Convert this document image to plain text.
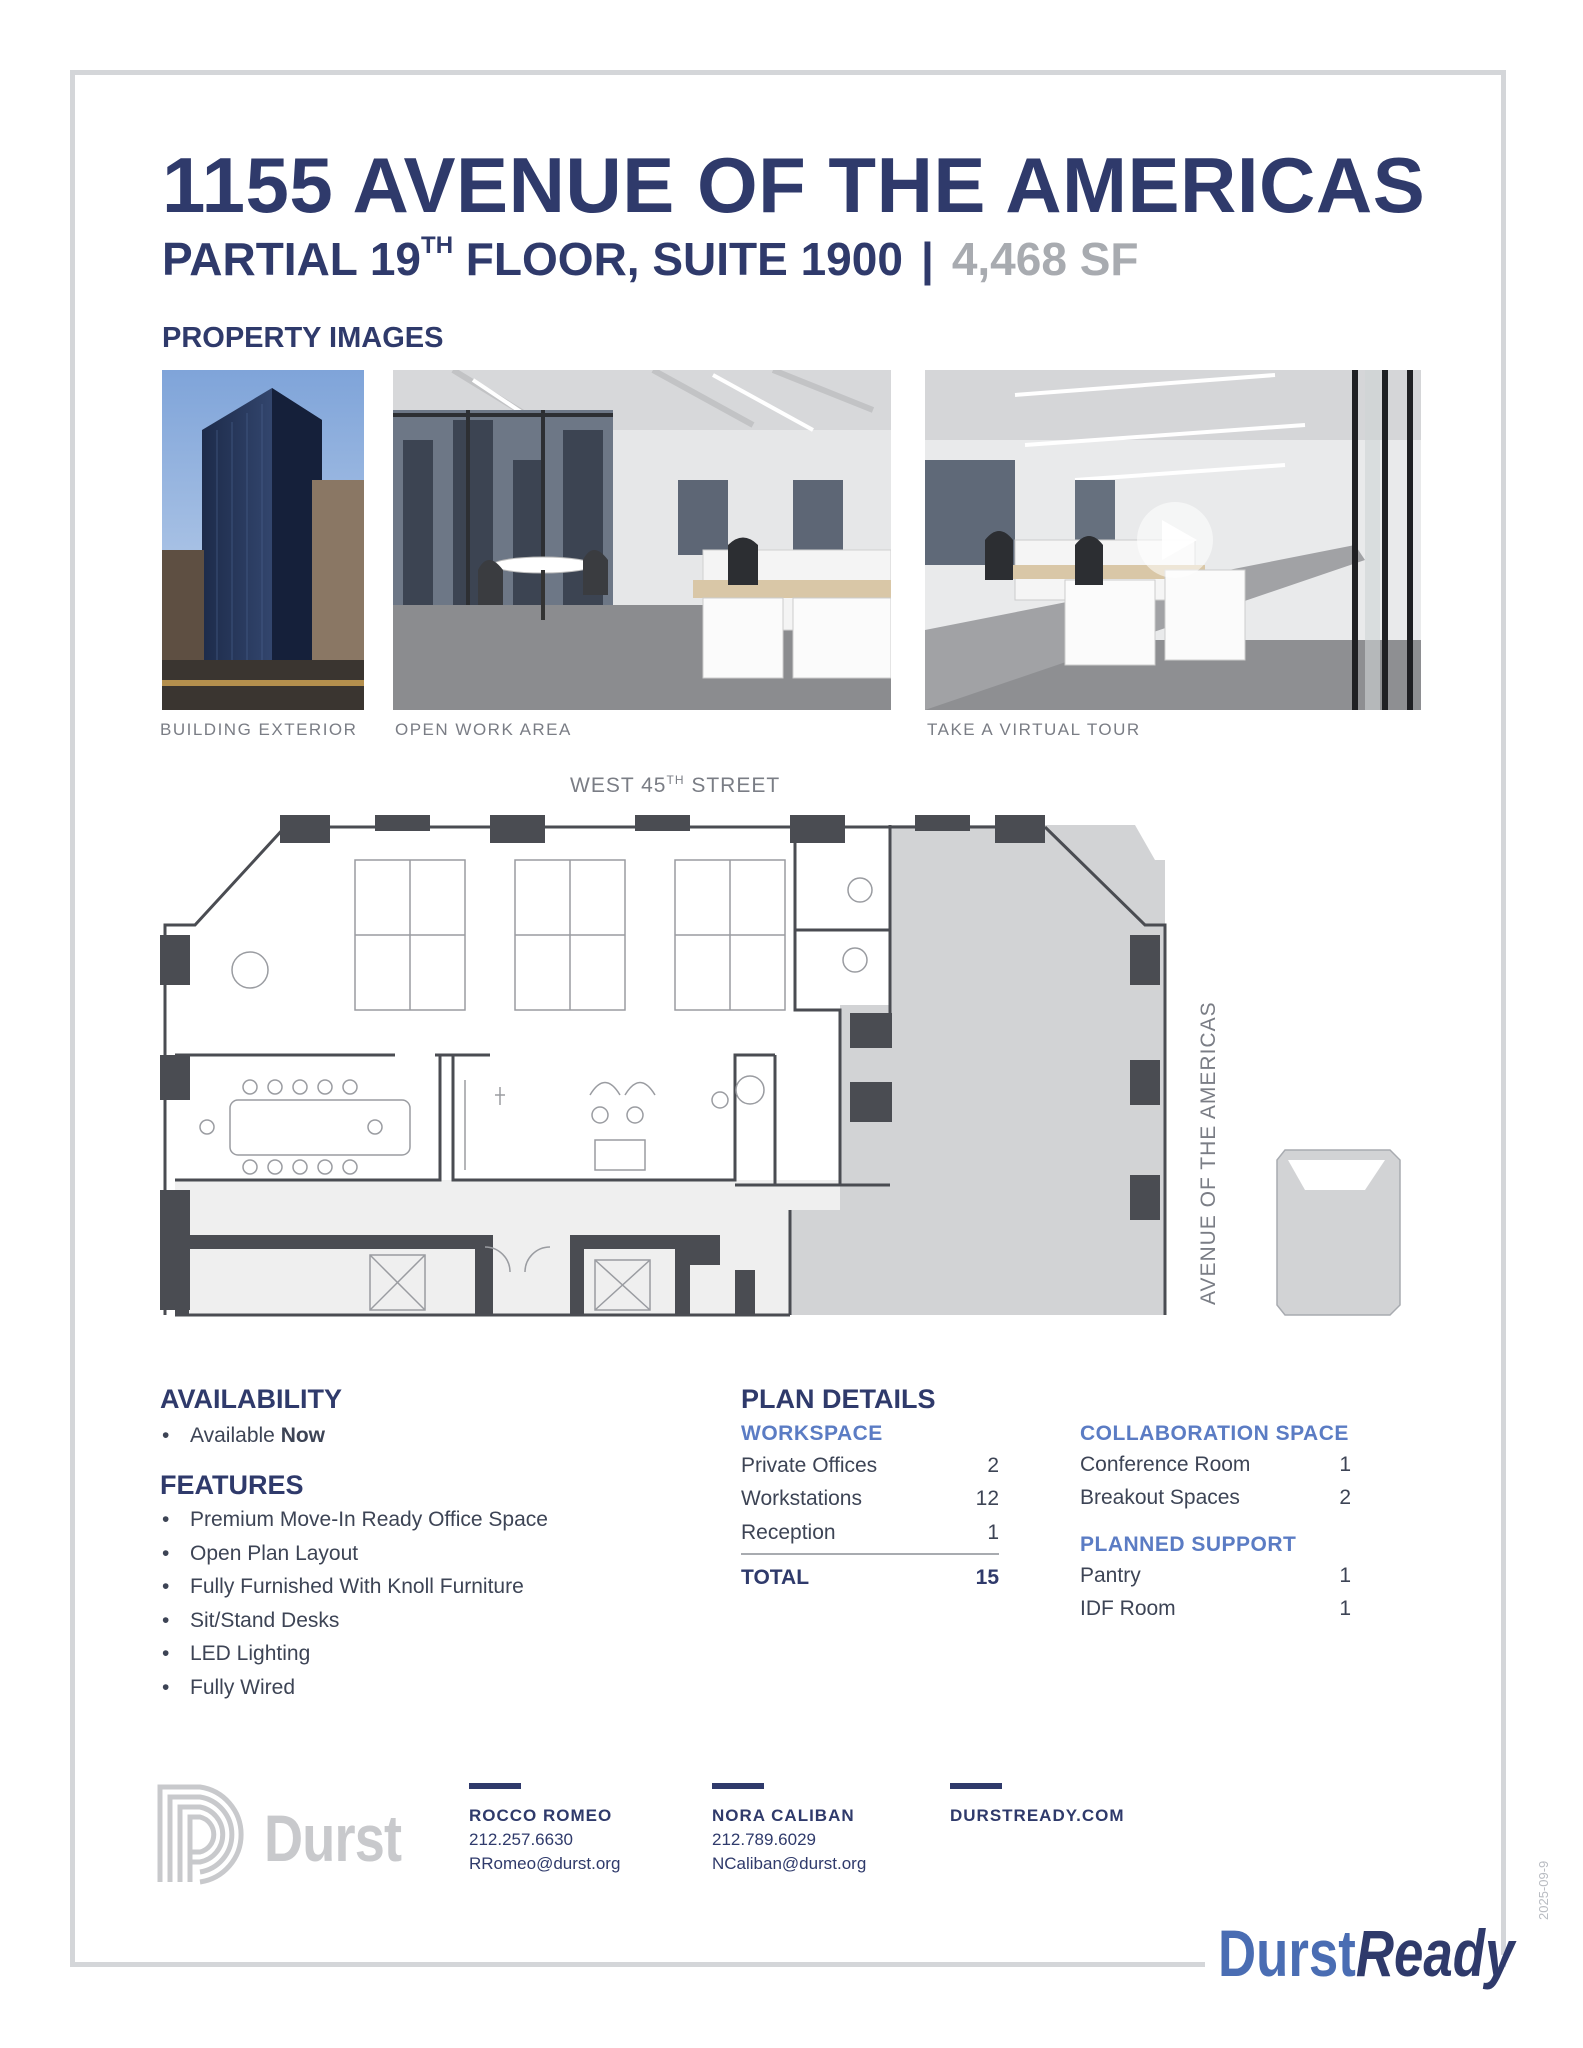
1155 AVENUE OF THE AMERICAS
PARTIAL 19TH FLOOR, SUITE 1900 | 4,468 SF
PROPERTY IMAGES
BUILDING EXTERIOR OPEN WORK AREA	TAKE A VIRTUAL TOUR
WEST 45TH STREET
AVENUE OF THE AMERICAS
AVAILABILITY
• Available Now
FEATURES
• Premium Move-In Ready Office Space
• Open Plan Layout
• Fully Furnished With Knoll Furniture
• Sit/Stand Desks
• LED Lighting
• Fully Wired
PLAN DETAILS
WORKSPACE
Private Offices	2
Workstations	12
Reception	1
TOTAL	15
COLLABORATION SPACE
Conference Room	1
Breakout Spaces	2
PLANNED SUPPORT
Pantry	1
IDF Room	1
Durst	ROCCO ROMEO
212.257.6630
RRomeo@durst.org
NORA CALIBAN
212.789.6029
NCaliban@durst.org
DURSTREADY.COM
2025-09-9
DurstReady
